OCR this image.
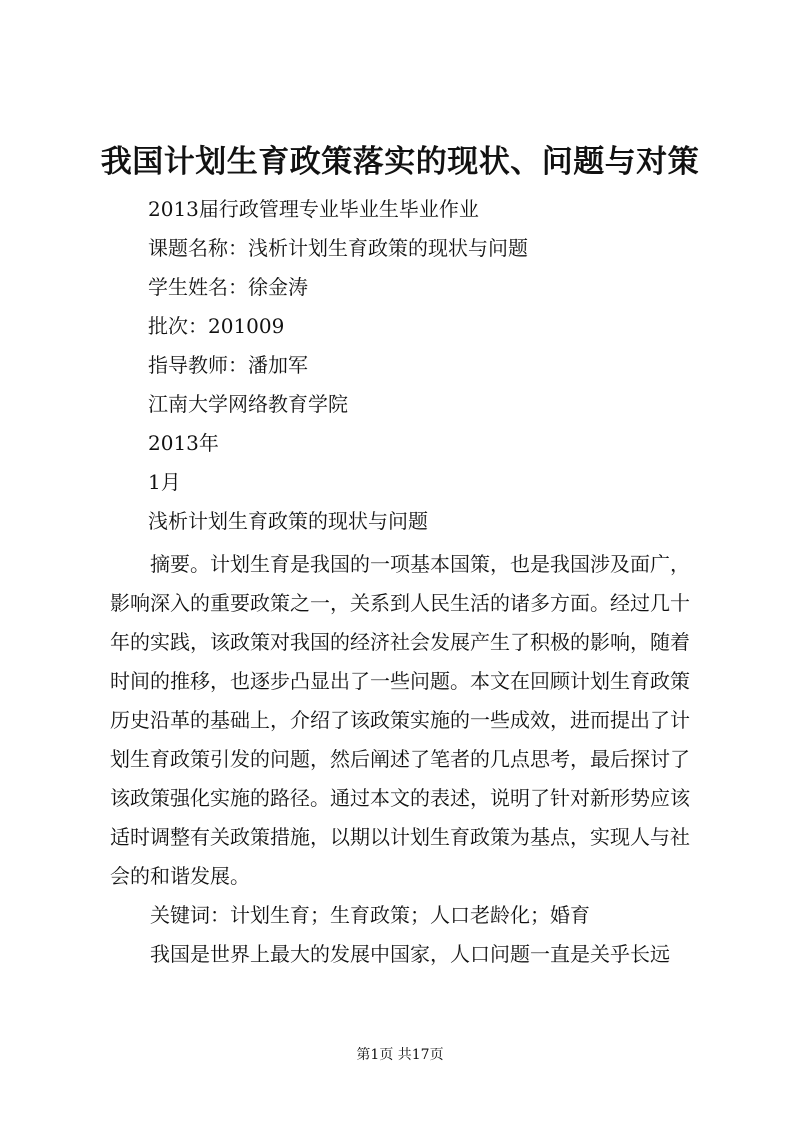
我国计划生育政策落实的现状、问题与对策
2013届行政管理专业毕业生毕业作业
课题名称：浅析计划生育政策的现状与问题
学生姓名：徐金涛
批次：201009
指导教师：潘加军
江南大学网络教育学院
2013年
1月
浅析计划生育政策的现状与问题

摘要。计划生育是我国的一项基本国策，也是我国涉及面广，影响深入的重要政策之一，关系到人民生活的诸多方面。经过几十年的实践，该政策对我国的经济社会发展产生了积极的影响，随着时间的推移，也逐步凸显出了一些问题。本文在回顾计划生育政策历史沿革的基础上，介绍了该政策实施的一些成效，进而提出了计划生育政策引发的问题，然后阐述了笔者的几点思考，最后探讨了该政策强化实施的路径。通过本文的表述，说明了针对新形势应该适时调整有关政策措施，以期以计划生育政策为基点，实现人与社会的和谐发展。

关键词：计划生育；生育政策；人口老龄化；婚育

我国是世界上最大的发展中国家，人口问题一直是关乎长远

第1页 共17页
